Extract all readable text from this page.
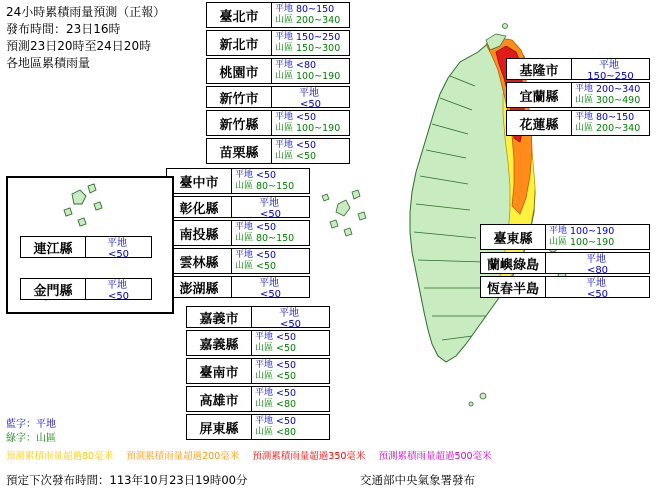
24小時累積雨量預測（正報）
發布時間：23日16時
預測23日20時至24日20時
各地區累積雨量
臺北市
平地 80~150
山區 200~340
新北市
平地 150~250
山區 150~300
桃園市
平地 <80
山區 100~190
新竹市	平地
<50
新竹縣
平地 <50
山區 100~190
苗栗縣
平地 <50
山區 <50
臺中市
平地 <50
山區 80~150
彰化縣	平地
<50
南投縣
平地 <50
山區 80~150
雲林縣
平地 <50
山區 <50
澎湖縣	平地
<50
嘉義市	平地
<50
嘉義縣
平地 <50
山區 <50
臺南市
平地 <50
山區 <50
高雄市
平地 <50
山區 <80
屏東縣
平地 <50
山區 <80
基隆市	平地
150~250
宜蘭縣
平地 200~340
山區 300~490
花蓮縣
平地 80~150
山區 200~340
臺東縣
平地 100~190
山區 100~190
蘭嶼綠島	平地
<80
恆春半島	平地
<50
連江縣	平地
<50
金門縣	平地
<50
藍字：平地
綠字：山區
預測累積雨量超過80毫米 預測累積雨量超過200毫米 預測累積雨量超過350毫米 預測累積雨量超過500毫米
預定下次發布時間：113年10月23日19時00分	交通部中央氣象署發布
